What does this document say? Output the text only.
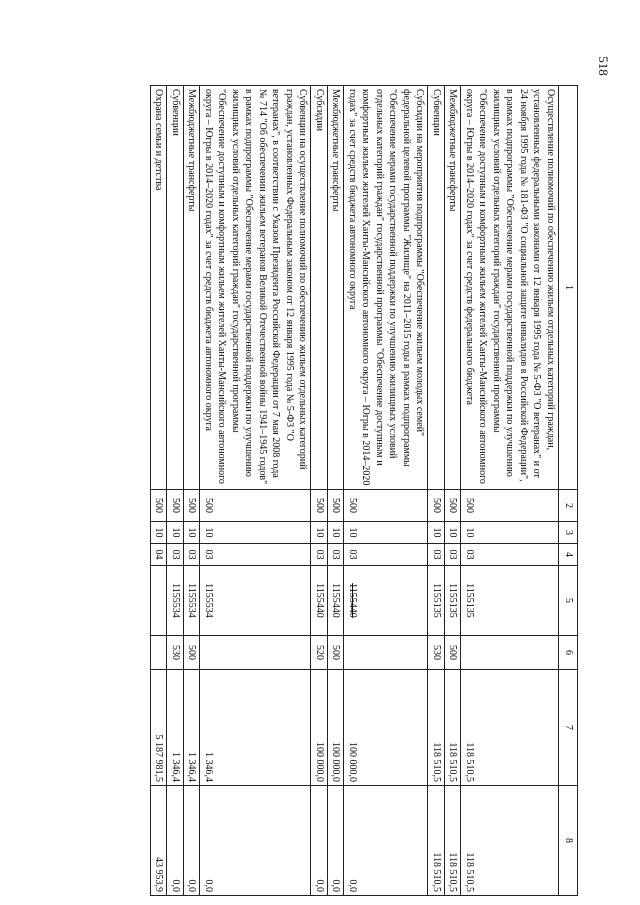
518
1	2	3	4	5	6	7	8
Осуществление полномочий по обеспечению жильем отдельных категорий граждан, установленных федеральными законами от 12 января 1995 года № 5-ФЗ "О ветеранах" и от 24 ноября 1995 года № 181-ФЗ "О социальной защите инвалидов в Российской Федерации", в рамках подпрограммы "Обеспечение мерами государственной поддержки по улучшению жилищных условий отдельных категорий граждан" государственной программы "Обеспечение доступным и комфортным жильем жителей Ханты-Мансийского автономного округа – Югры в 2014–2020 годах" за счет средств федерального бюджета	500	10	03	1155135		118 510,5	118 510,5
Межбюджетные трансферты	500	10	03	1155135	500	118 510,5	118 510,5
Субвенции	500	10	03	1155135	530	118 510,5	118 510,5
Субсидии на мероприятия подпрограммы "Обеспечение жильем молодых семей" федеральной целевой программы "Жилище" на 2011–2015 годы в рамках подпрограммы "Обеспечение мерами государственной поддержки по улучшению жилищных условий отдельных категорий граждан" государственной программы "Обеспечение доступным и комфортным жильем жителей Ханты-Мансийского автономного округа – Югры в 2014–2020 годах" за счет средств бюджета автономного округа	500	10	03	1155440		100 000,0	0,0
Межбюджетные трансферты	500	10	03	1155440	500	100 000,0	0,0
Субсидии	500	10	03	1155440	520	100 000,0	0,0
Субвенции на осуществление полномочий по обеспечению жильем отдельных категорий граждан, установленных Федеральным законом от 12 января 1995 года № 5-ФЗ "О ветеранах", в соответствии с Указом Президента Российской Федерации от 7 мая 2008 года № 714 "Об обеспечении жильем ветеранов Великой Отечественной войны 1941–1945 годов" в рамках подпрограммы "Обеспечение мерами государственной поддержки по улучшению жилищных условий отдельных категорий граждан" государственной программы "Обеспечение доступным и комфортным жильем жителей Ханты-Мансийского автономного округа – Югры в 2014–2020 годах" за счет средств бюджета автономного округа	500	10	03	1155534		1 346,4	0,0
Межбюджетные трансферты	500	10	03	1155534	500	1 346,4	0,0
Субвенции	500	10	03	1155534	530	1 346,4	0,0
Охрана семьи и детства	500	10	04			5 187 981,5	43 953,9
